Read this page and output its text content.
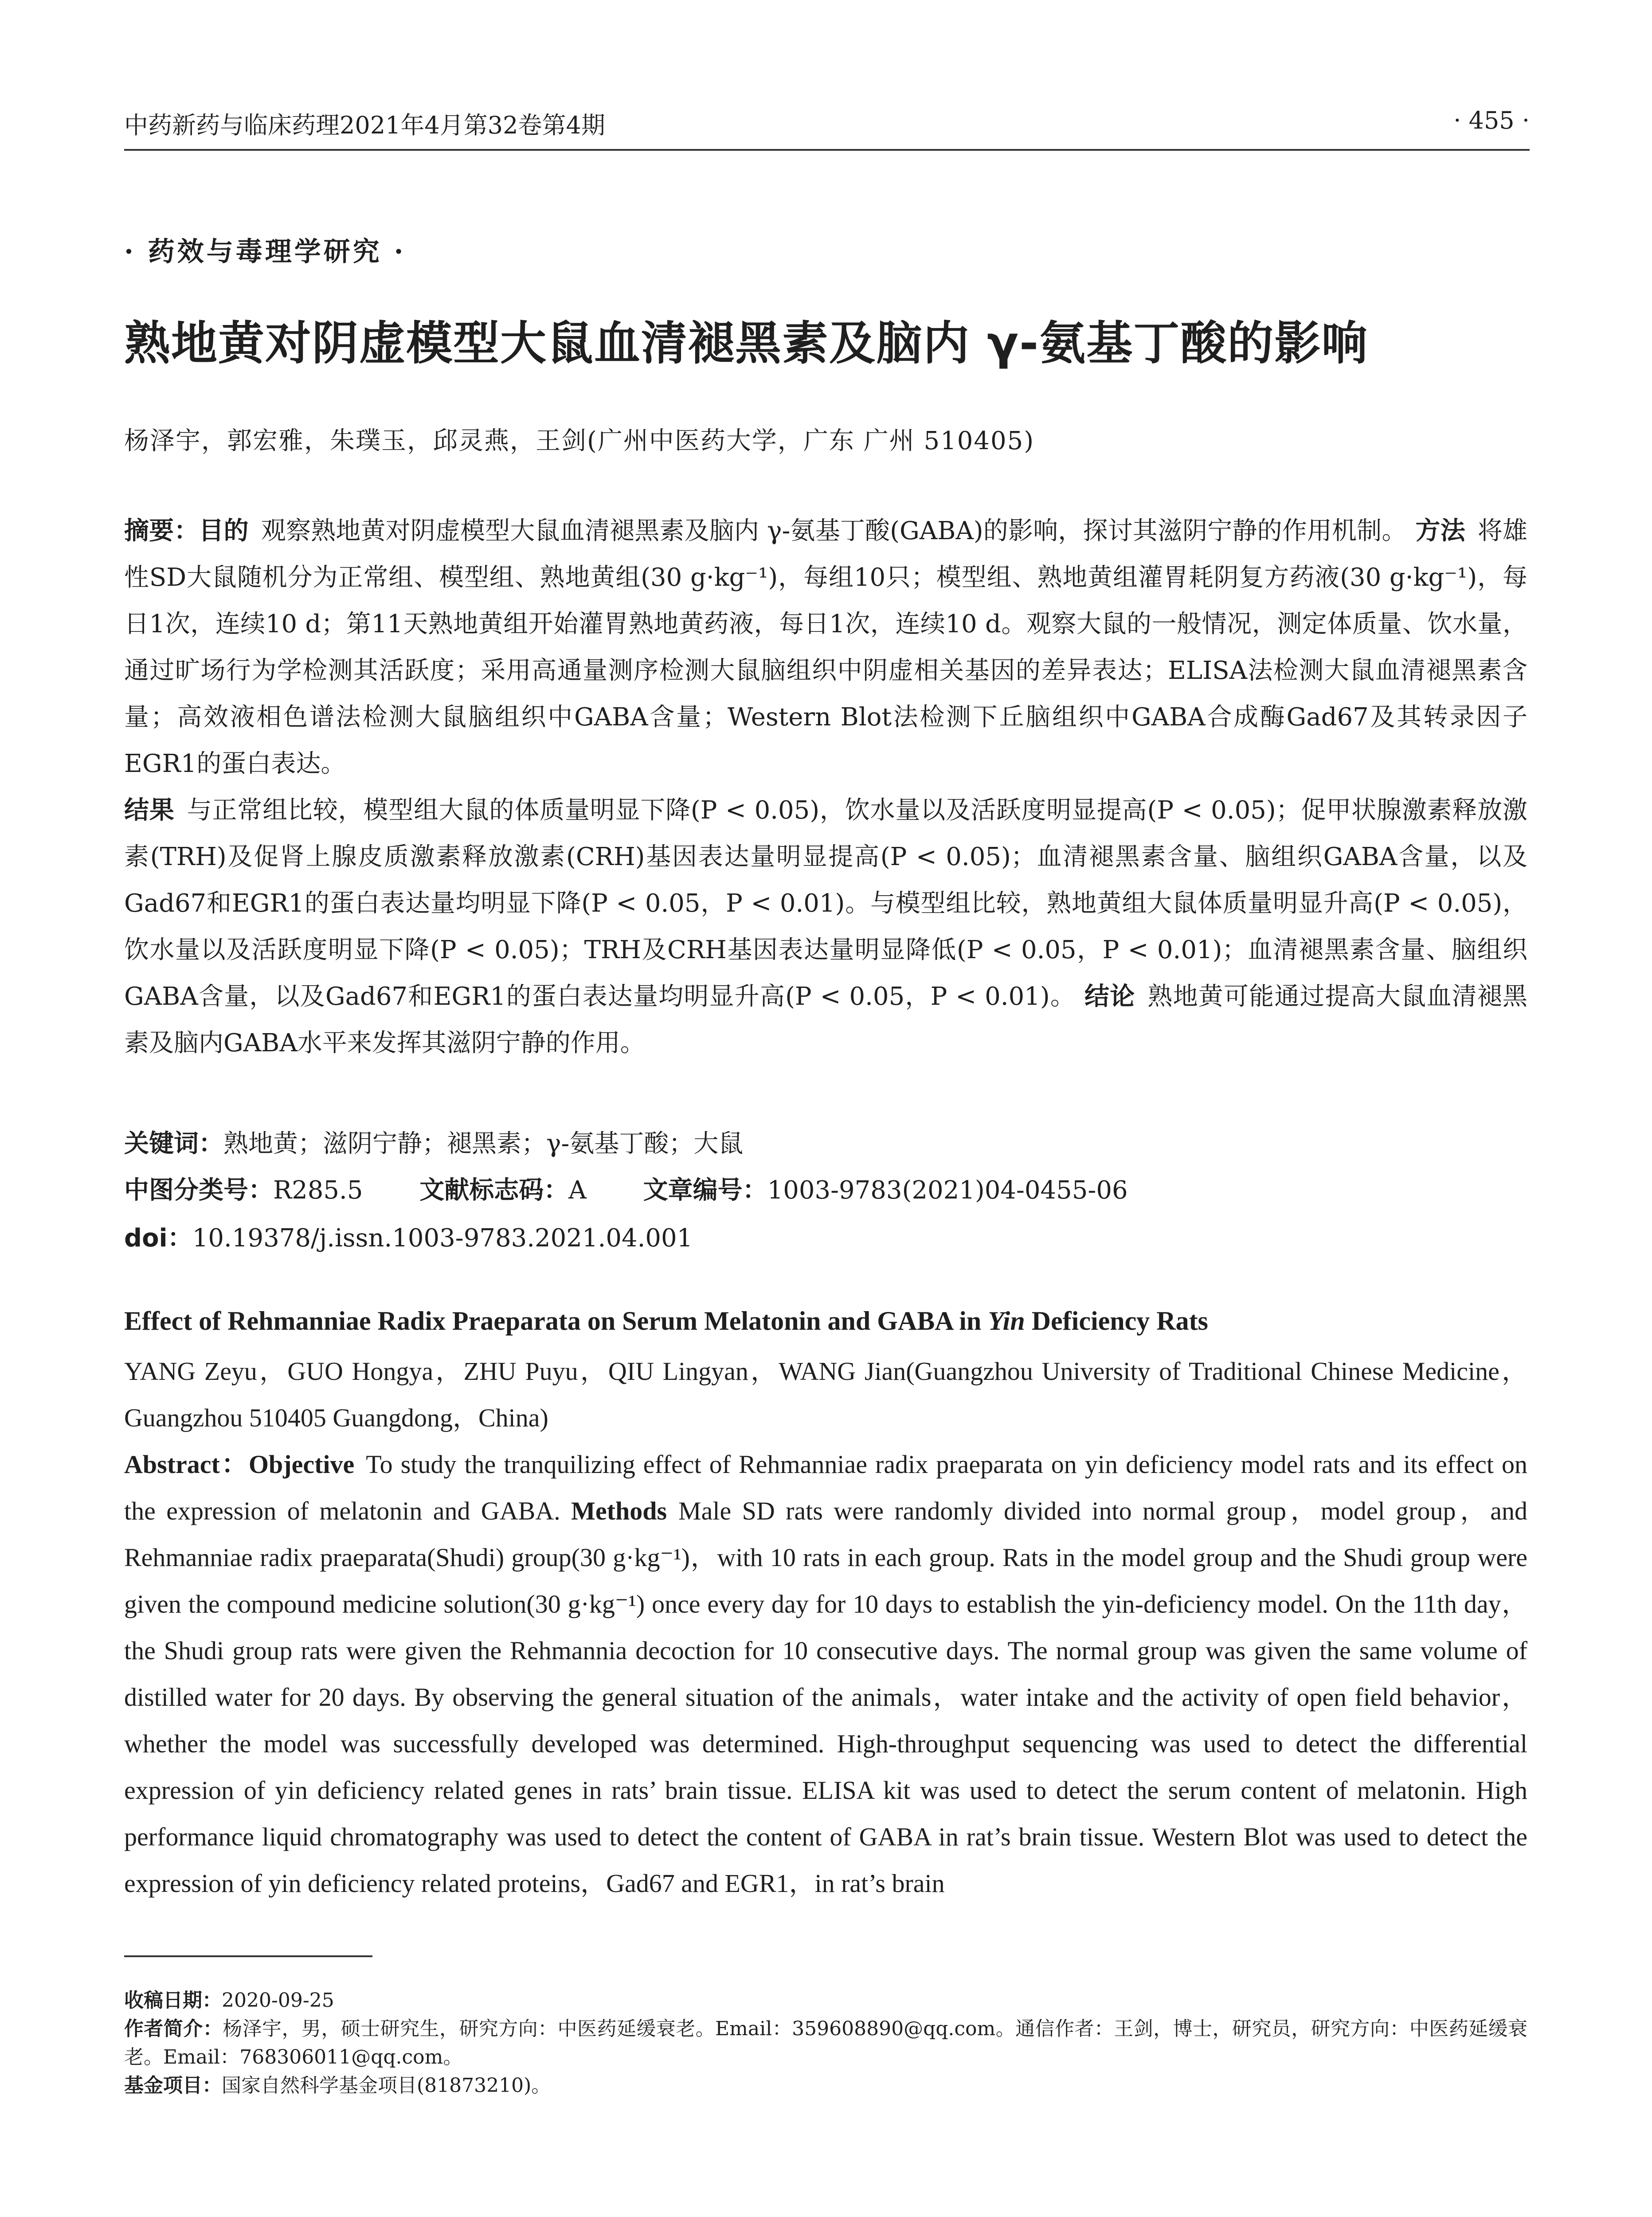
中药新药与临床药理2021年4月第32卷第4期	· 455 ·
· 药效与毒理学研究 ·
熟地黄对阴虚模型大鼠血清褪黑素及脑内 γ-氨基丁酸的影响
杨泽宇，郭宏雅，朱璞玉，邱灵燕，王剑(广州中医药大学，广东 广州 510405)
摘要：目的 观察熟地黄对阴虚模型大鼠血清褪黑素及脑内 γ-氨基丁酸(GABA)的影响，探讨其滋阴宁静的作用机制。 方法 将雄性SD大鼠随机分为正常组、模型组、熟地黄组(30 g·kg⁻¹)，每组10只；模型组、熟地黄组灌胃耗阴复方药液(30 g·kg⁻¹)，每日1次，连续10 d；第11天熟地黄组开始灌胃熟地黄药液，每日1次，连续10 d。观察大鼠的一般情况，测定体质量、饮水量，通过旷场行为学检测其活跃度；采用高通量测序检测大鼠脑组织中阴虚相关基因的差异表达；ELISA法检测大鼠血清褪黑素含量；高效液相色谱法检测大鼠脑组织中GABA含量；Western Blot法检测下丘脑组织中GABA合成酶Gad67及其转录因子EGR1的蛋白表达。
结果 与正常组比较，模型组大鼠的体质量明显下降(P < 0.05)，饮水量以及活跃度明显提高(P < 0.05)；促甲状腺激素释放激素(TRH)及促肾上腺皮质激素释放激素(CRH)基因表达量明显提高(P < 0.05)；血清褪黑素含量、脑组织GABA含量，以及Gad67和EGR1的蛋白表达量均明显下降(P < 0.05，P < 0.01)。与模型组比较，熟地黄组大鼠体质量明显升高(P < 0.05)，饮水量以及活跃度明显下降(P < 0.05)；TRH及CRH基因表达量明显降低(P < 0.05，P < 0.01)；血清褪黑素含量、脑组织GABA含量，以及Gad67和EGR1的蛋白表达量均明显升高(P < 0.05，P < 0.01)。 结论 熟地黄可能通过提高大鼠血清褪黑素及脑内GABA水平来发挥其滋阴宁静的作用。
关键词：熟地黄；滋阴宁静；褪黑素；γ-氨基丁酸；大鼠
中图分类号：R285.5 文献标志码：A 文章编号：1003-9783(2021)04-0455-06
doi：10.19378/j.issn.1003-9783.2021.04.001
Effect of Rehmanniae Radix Praeparata on Serum Melatonin and GABA in Yin Deficiency Rats
YANG Zeyu，GUO Hongya，ZHU Puyu，QIU Lingyan，WANG Jian(Guangzhou University of Traditional Chinese Medicine，Guangzhou 510405 Guangdong，China)
Abstract：Objective To study the tranquilizing effect of Rehmanniae radix praeparata on yin deficiency model rats and its effect on the expression of melatonin and GABA. Methods Male SD rats were randomly divided into normal group，model group，and Rehmanniae radix praeparata(Shudi) group(30 g·kg⁻¹)，with 10 rats in each group. Rats in the model group and the Shudi group were given the compound medicine solution(30 g·kg⁻¹) once every day for 10 days to establish the yin-deficiency model. On the 11th day，the Shudi group rats were given the Rehmannia decoction for 10 consecutive days. The normal group was given the same volume of distilled water for 20 days. By observing the general situation of the animals，water intake and the activity of open field behavior，whether the model was successfully developed was determined. High-throughput sequencing was used to detect the differential expression of yin deficiency related genes in rats’ brain tissue. ELISA kit was used to detect the serum content of melatonin. High performance liquid chromatography was used to detect the content of GABA in rat’s brain tissue. Western Blot was used to detect the expression of yin deficiency related proteins，Gad67 and EGR1，in rat’s brain

收稿日期：2020-09-25

作者简介：杨泽宇，男，硕士研究生，研究方向：中医药延缓衰老。Email：359608890@qq.com。通信作者：王剑，博士，研究员，研究方向：中医药延缓衰老。Email：768306011@qq.com。

基金项目：国家自然科学基金项目(81873210)。
